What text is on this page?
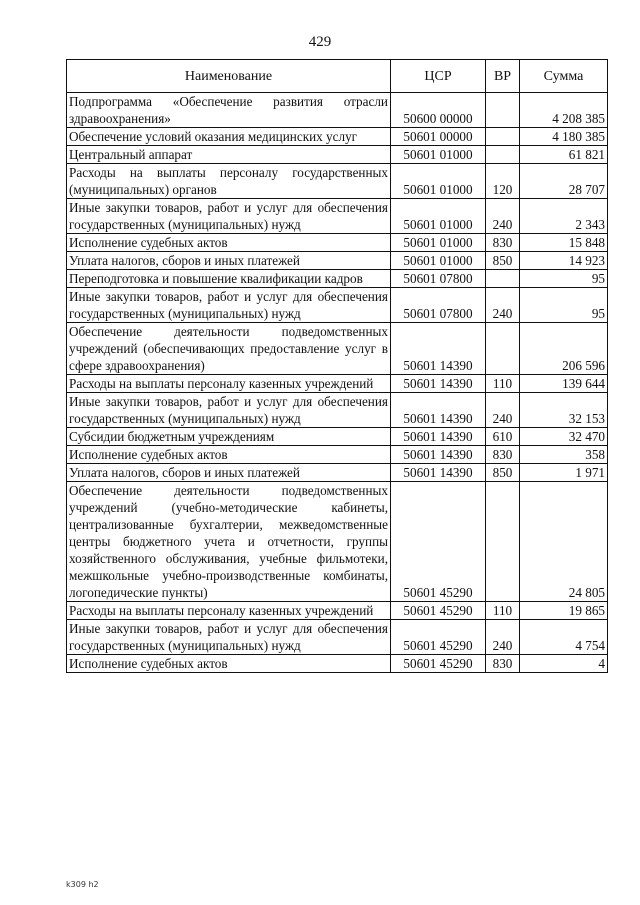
429
Наименование	ЦСР	ВР	Сумма
Подпрограмма «Обеспечение развития отрасли здравоохранения»	50600 00000		4 208 385
Обеспечение условий оказания медицинских услуг	50601 00000		4 180 385
Центральный аппарат	50601 01000		61 821
Расходы на выплаты персоналу государственных (муниципальных) органов	50601 01000	120	28 707
Иные закупки товаров, работ и услуг для обеспечения государственных (муниципальных) нужд	50601 01000	240	2 343
Исполнение судебных актов	50601 01000	830	15 848
Уплата налогов, сборов и иных платежей	50601 01000	850	14 923
Переподготовка и повышение квалификации кадров	50601 07800		95
Иные закупки товаров, работ и услуг для обеспечения государственных (муниципальных) нужд	50601 07800	240	95
Обеспечение деятельности подведомственных учреждений (обеспечивающих предоставление услуг в сфере здравоохранения)	50601 14390		206 596
Расходы на выплаты персоналу казенных учреждений	50601 14390	110	139 644
Иные закупки товаров, работ и услуг для обеспечения государственных (муниципальных) нужд	50601 14390	240	32 153
Субсидии бюджетным учреждениям	50601 14390	610	32 470
Исполнение судебных актов	50601 14390	830	358
Уплата налогов, сборов и иных платежей	50601 14390	850	1 971
Обеспечение деятельности подведомственных учреждений (учебно-методические кабинеты, централизованные бухгалтерии, межведомственные центры бюджетного учета и отчетности, группы хозяйственного обслуживания, учебные фильмотеки, межшкольные учебно-производственные комбинаты, логопедические пункты)	50601 45290		24 805
Расходы на выплаты персоналу казенных учреждений	50601 45290	110	19 865
Иные закупки товаров, работ и услуг для обеспечения государственных (муниципальных) нужд	50601 45290	240	4 754
Исполнение судебных актов	50601 45290	830	4
k309 h2
